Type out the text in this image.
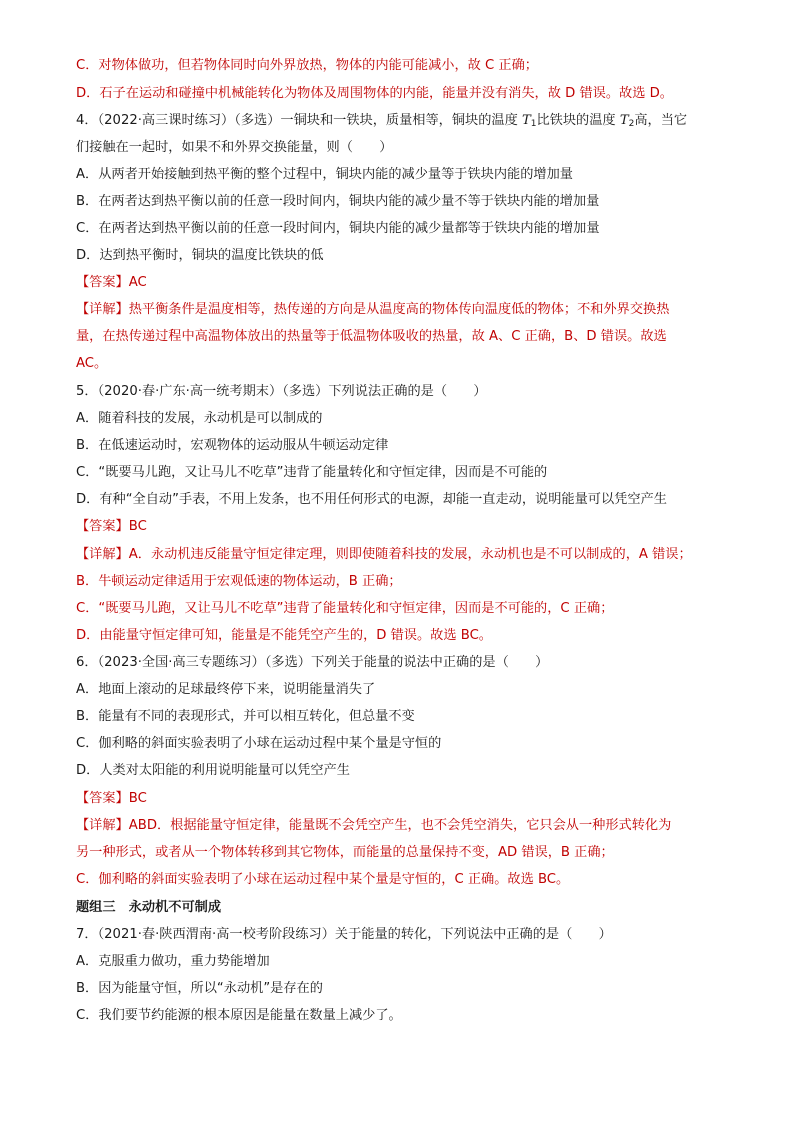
C．对物体做功，但若物体同时向外界放热，物体的内能可能减小，故 C 正确；
D．石子在运动和碰撞中机械能转化为物体及周围物体的内能，能量并没有消失，故 D 错误。故选 D。
4．（2022·高三课时练习）（多选）一铜块和一铁块，质量相等，铜块的温度 $T_1$比铁块的温度 $T_2$高，当它
们接触在一起时，如果不和外界交换能量，则（　　）
A．从两者开始接触到热平衡的整个过程中，铜块内能的减少量等于铁块内能的增加量
B．在两者达到热平衡以前的任意一段时间内，铜块内能的减少量不等于铁块内能的增加量
C．在两者达到热平衡以前的任意一段时间内，铜块内能的减少量都等于铁块内能的增加量
D．达到热平衡时，铜块的温度比铁块的低
【答案】AC
【详解】热平衡条件是温度相等，热传递的方向是从温度高的物体传向温度低的物体；不和外界交换热
量，在热传递过程中高温物体放出的热量等于低温物体吸收的热量，故 A、C 正确，B、D 错误。故选
AC。
5．（2020·春·广东·高一统考期末）（多选）下列说法正确的是（　　）
A．随着科技的发展，永动机是可以制成的
B．在低速运动时，宏观物体的运动服从牛顿运动定律
C．“既要马儿跑，又让马儿不吃草”违背了能量转化和守恒定律，因而是不可能的
D．有种“全自动”手表，不用上发条，也不用任何形式的电源，却能一直走动，说明能量可以凭空产生
【答案】BC
【详解】A．永动机违反能量守恒定律定理，则即使随着科技的发展，永动机也是不可以制成的，A 错误；
B．牛顿运动定律适用于宏观低速的物体运动，B 正确；
C．“既要马儿跑，又让马儿不吃草”违背了能量转化和守恒定律，因而是不可能的，C 正确；
D．由能量守恒定律可知，能量是不能凭空产生的，D 错误。故选 BC。
6．（2023·全国·高三专题练习）（多选）下列关于能量的说法中正确的是（　　）
A．地面上滚动的足球最终停下来，说明能量消失了
B．能量有不同的表现形式，并可以相互转化，但总量不变
C．伽利略的斜面实验表明了小球在运动过程中某个量是守恒的
D．人类对太阳能的利用说明能量可以凭空产生
【答案】BC
【详解】ABD．根据能量守恒定律，能量既不会凭空产生，也不会凭空消失，它只会从一种形式转化为
另一种形式，或者从一个物体转移到其它物体，而能量的总量保持不变，AD 错误，B 正确；
C．伽利略的斜面实验表明了小球在运动过程中某个量是守恒的，C 正确。故选 BC。
题组三　永动机不可制成
7．（2021·春·陕西渭南·高一校考阶段练习）关于能量的转化，下列说法中正确的是（　　）
A．克服重力做功，重力势能增加
B．因为能量守恒，所以“永动机”是存在的
C．我们要节约能源的根本原因是能量在数量上减少了。
